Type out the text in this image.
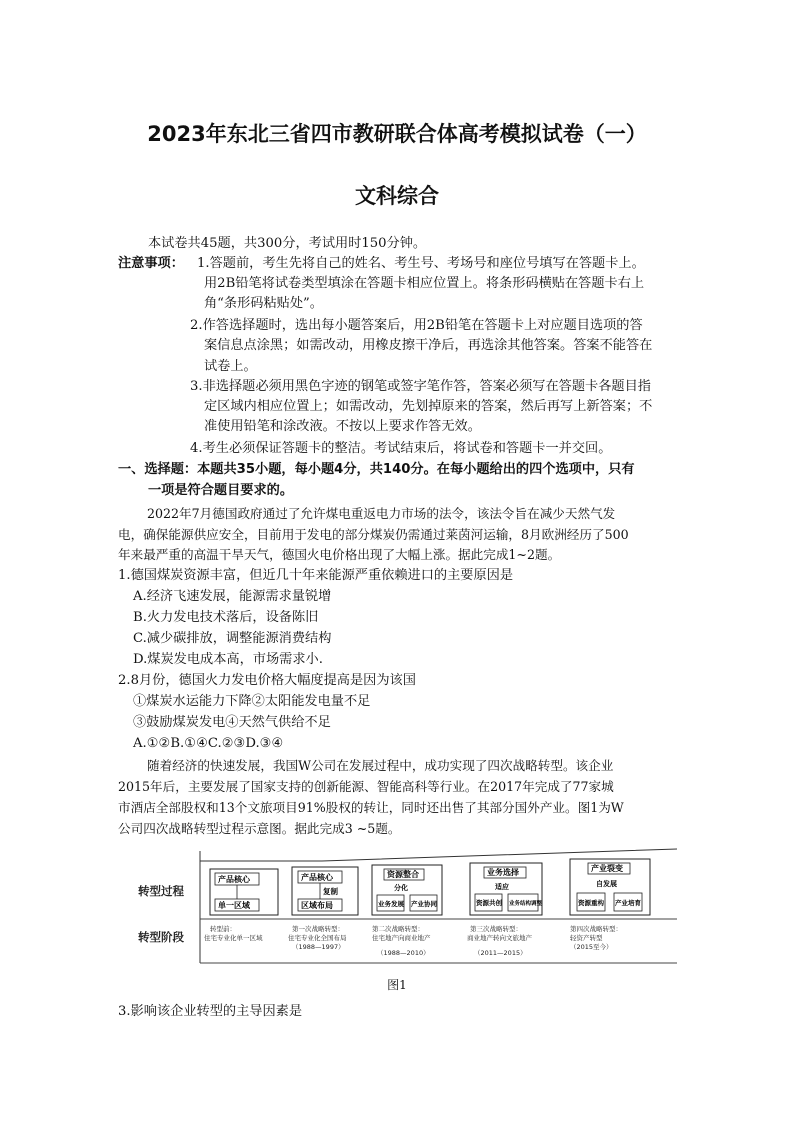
2023年东北三省四市教研联合体高考模拟试卷（一）
文科综合
本试卷共45题，共300分，考试用时150分钟。
注意事项： 1.答题前，考生先将自己的姓名、考生号、考场号和座位号填写在答题卡上。
用2B铅笔将试卷类型填涂在答题卡相应位置上。将条形码横贴在答题卡右上
角“条形码粘贴处”。
2.作答选择题时，选出每小题答案后，用2B铅笔在答题卡上对应题目选项的答
案信息点涂黑；如需改动，用橡皮擦干净后，再选涂其他答案。答案不能答在
试卷上。
3.非选择题必须用黑色字迹的钢笔或签字笔作答，答案必须写在答题卡各题目指
定区域内相应位置上；如需改动，先划掉原来的答案，然后再写上新答案；不
准使用铅笔和涂改液。不按以上要求作答无效。
4.考生必须保证答题卡的整洁。考试结束后，将试卷和答题卡一并交回。
一、选择题：本题共35小题，每小题4分，共140分。在每小题给出的四个选项中，只有
一项是符合题目要求的。
2022年7月德国政府通过了允许煤电重返电力市场的法令，该法令旨在减少天然气发
电，确保能源供应安全，目前用于发电的部分煤炭仍需通过莱茵河运输，8月欧洲经历了500
年来最严重的高温干旱天气，德国火电价格出现了大幅上涨。据此完成1~2题。
1.德国煤炭资源丰富，但近几十年来能源严重依赖进口的主要原因是
A.经济飞速发展，能源需求量锐增
B.火力发电技术落后，设备陈旧
C.减少碳排放，调整能源消费结构
D.煤炭发电成本高，市场需求小.
2.8月份，德国火力发电价格大幅度提高是因为该国
①煤炭水运能力下降②太阳能发电量不足
③鼓励煤炭发电④天然气供给不足
A.①②B.①④C.②③D.③④
随着经济的快速发展，我国W公司在发展过程中，成功实现了四次战略转型。该企业
2015年后，主要发展了国家支持的创新能源、智能高科等行业。在2017年完成了77家城
市酒店全部股权和13个文旅项目91%股权的转让，同时还出售了其部分国外产业。图1为W
公司四次战略转型过程示意图。据此完成3 ~5题。
转型过程
转型阶段
产品核心
单一区域
产品核心
复制
区域布局
资源整合
分化
业务发展 产业协同
业务选择
适应
资源共创 业务结构调整
产业裂变
自发展
资源重构 产业培育
转型前：
住宅专业化单一区域
第一次战略转型：
住宅专业化全国布局
（1988—1997）
第二次战略转型：
住宅地产向商业地产
（1988—2010）
第三次战略转型：
商业地产转向文旅地产
（2011—2015）
第四次战略转型：
轻资产转型
（2015至今）
图1
3.影响该企业转型的主导因素是
